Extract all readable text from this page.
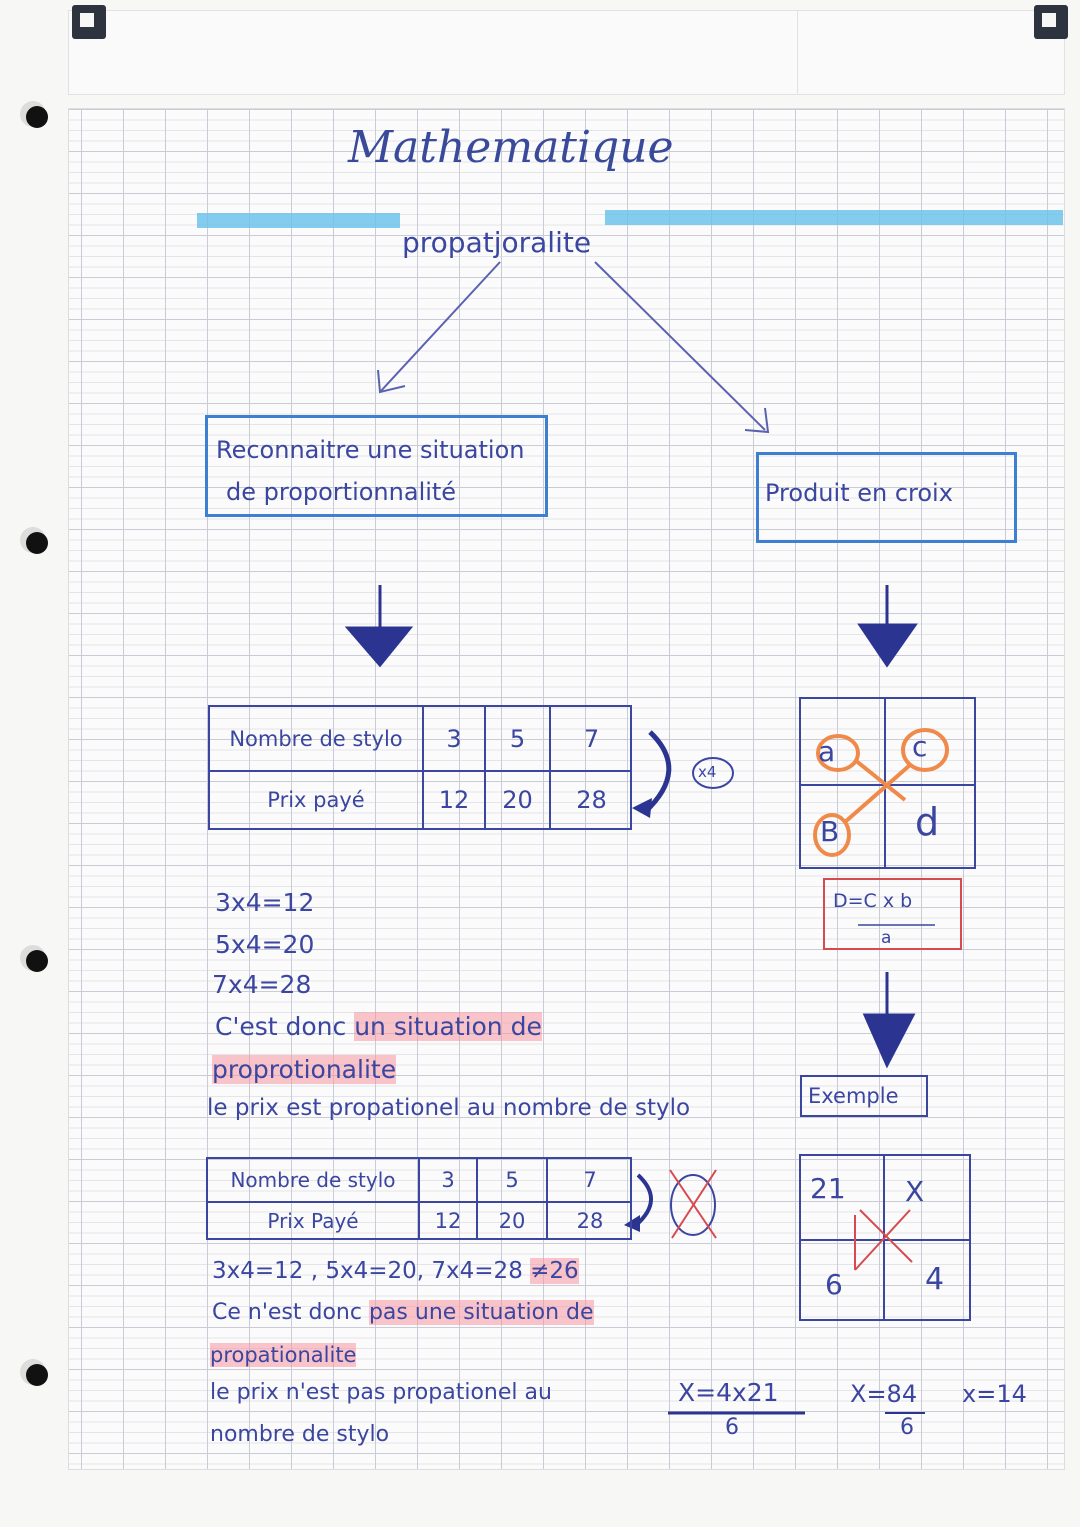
Mathematique
propatjoralite
Reconnaitre une situation
de proportionnalité	Produit en croix
Nombre de stylo	3	5	7
Prix payé	12	20	28
x4
a	c
B d
D=C x b
a
3x4=12
5x4=20
7x4=28
C'est donc un situation de
proprotionalite
le prix est propationel au nombre de stylo	Exemple
Nombre de stylo	3	5	7
Prix Payé	12	20	28
21 X
6	4
3x4=12 , 5x4=20, 7x4=28 ≠26
Ce n'est donc pas une situation de
propationalite
le prix n'est pas propationel au
nombre de stylo
X=4x21
6
X=84
6
x=14
